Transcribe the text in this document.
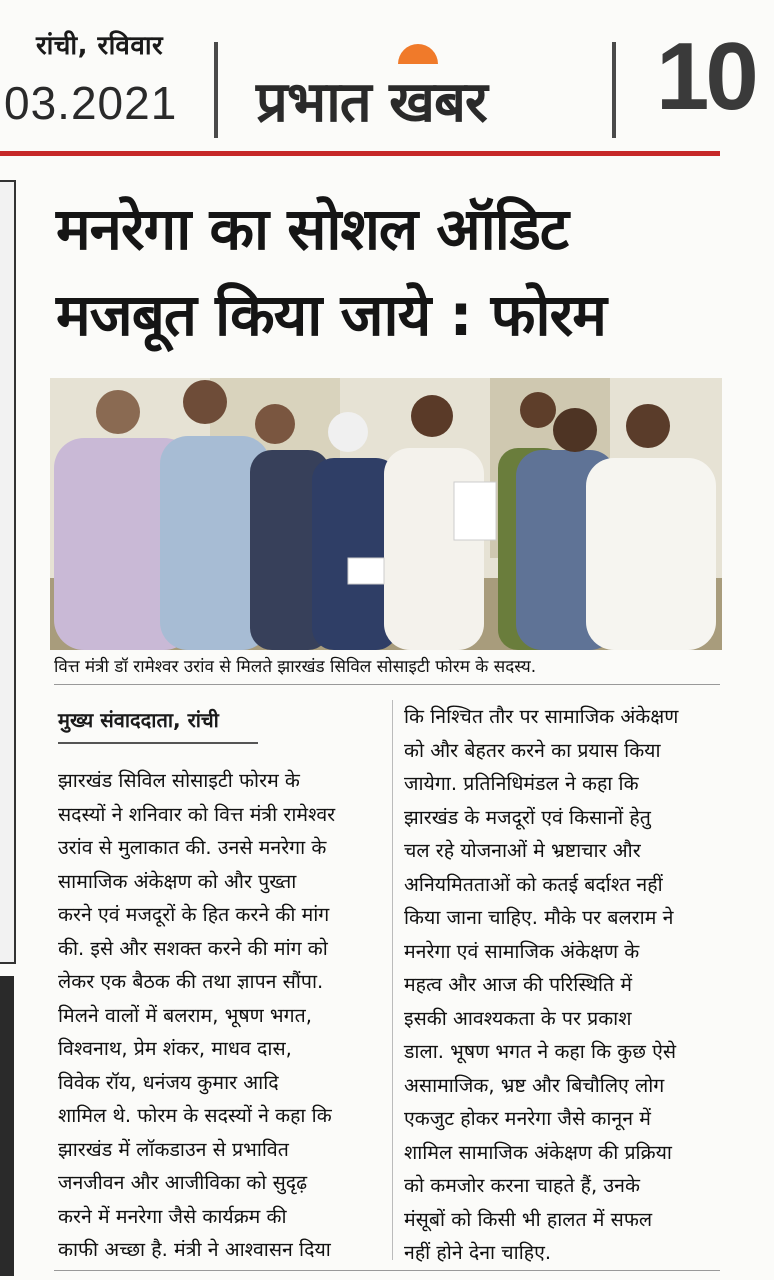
रांची, रविवार
03.2021 प्रभात खबर 10
मनरेगा का सोशल ऑडिट
मजबूत किया जाये : फोरम
वित्त मंत्री डॉ रामेश्वर उरांव से मिलते झारखंड सिविल सोसाइटी फोरम के सदस्य.
मुख्य संवाददाता, रांची
झारखंड सिविल सोसाइटी फोरम के
सदस्यों ने शनिवार को वित्त मंत्री रामेश्वर
उरांव से मुलाकात की. उनसे मनरेगा के
सामाजिक अंकेक्षण को और पुख्ता
करने एवं मजदूरों के हित करने की मांग
की. इसे और सशक्त करने की मांग को
लेकर एक बैठक की तथा ज्ञापन सौंपा.
मिलने वालों में बलराम, भूषण भगत,
विश्वनाथ, प्रेम शंकर, माधव दास,
विवेक रॉय, धनंजय कुमार आदि
शामिल थे. फोरम के सदस्यों ने कहा कि
झारखंड में लॉकडाउन से प्रभावित
जनजीवन और आजीविका को सुदृढ़
करने में मनरेगा जैसे कार्यक्रम की
काफी अच्छा है. मंत्री ने आश्वासन दिया
कि निश्चित तौर पर सामाजिक अंकेक्षण
को और बेहतर करने का प्रयास किया
जायेगा. प्रतिनिधिमंडल ने कहा कि
झारखंड के मजदूरों एवं किसानों हेतु
चल रहे योजनाओं मे भ्रष्टाचार और
अनियमितताओं को कतई बर्दाश्त नहीं
किया जाना चाहिए. मौके पर बलराम ने
मनरेगा एवं सामाजिक अंकेक्षण के
महत्व और आज की परिस्थिति में
इसकी आवश्यकता के पर प्रकाश
डाला. भूषण भगत ने कहा कि कुछ ऐसे
असामाजिक, भ्रष्ट और बिचौलिए लोग
एकजुट होकर मनरेगा जैसे कानून में
शामिल सामाजिक अंकेक्षण की प्रक्रिया
को कमजोर करना चाहते हैं, उनके
मंसूबों को किसी भी हालत में सफल
नहीं होने देना चाहिए.
